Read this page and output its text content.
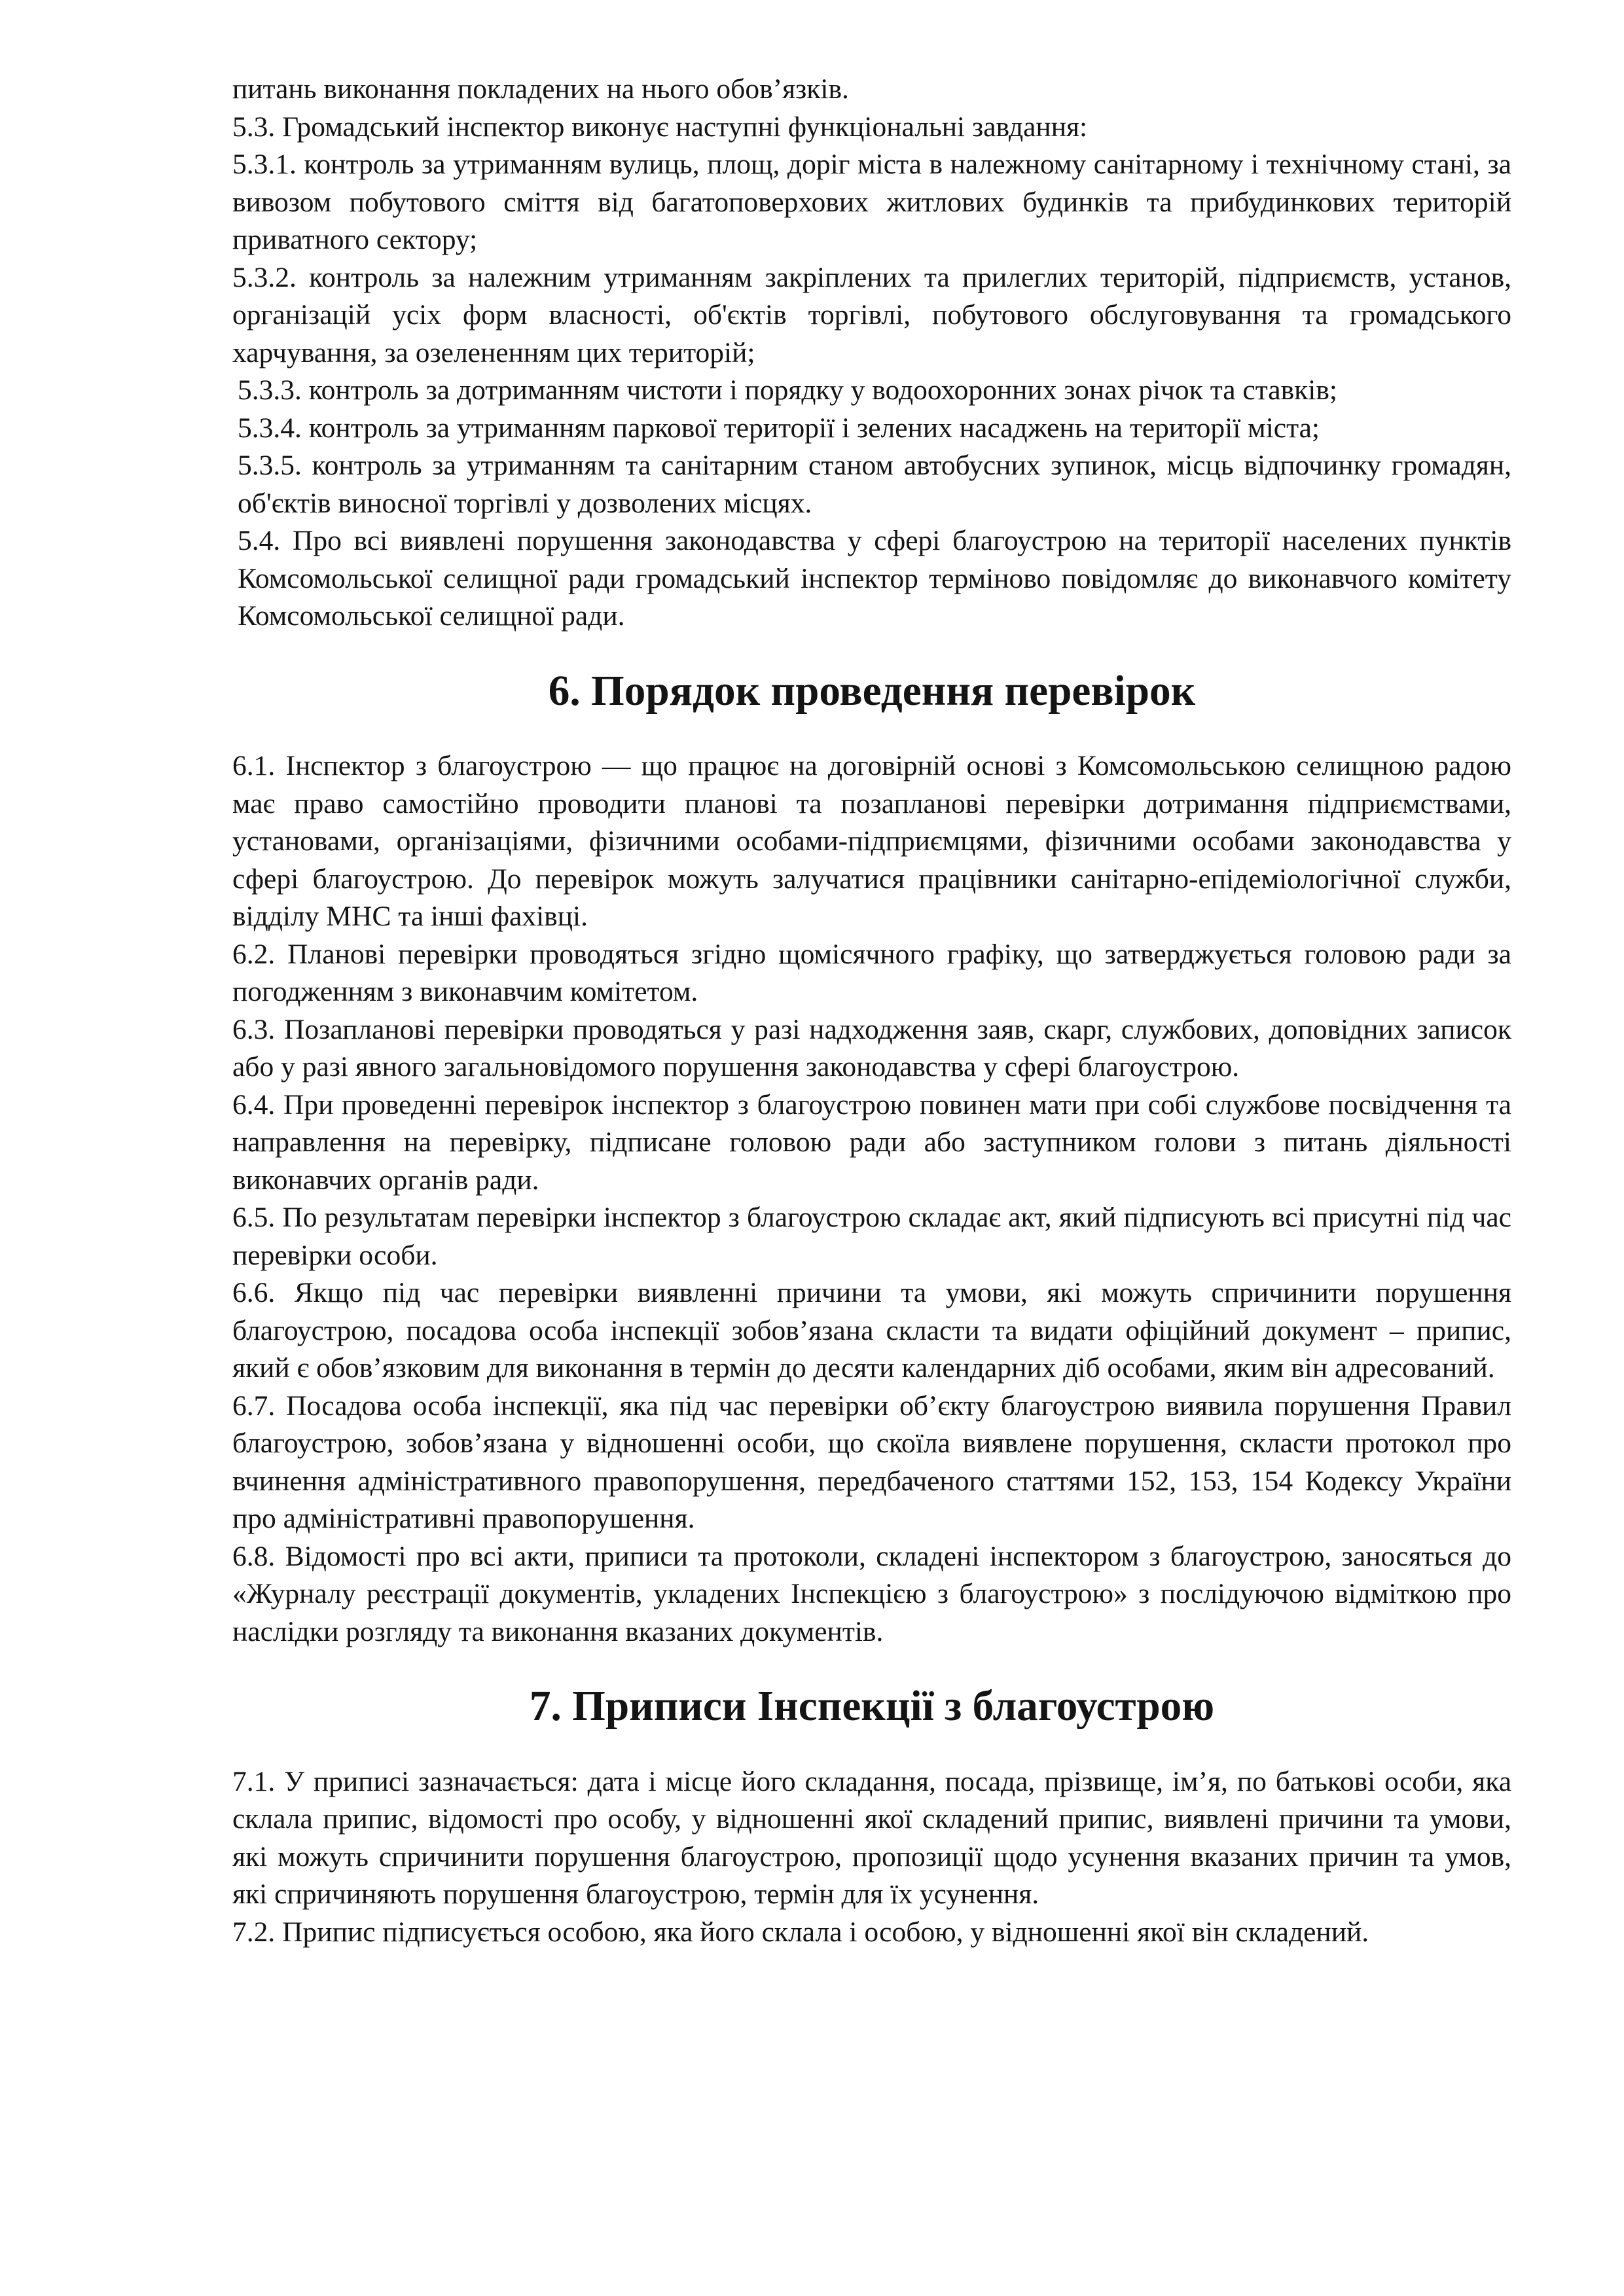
питань виконання покладених на нього обов’язків.

5.3. Громадський інспектор виконує наступні функціональні завдання:

5.3.1. контроль за утриманням вулиць, площ, доріг міста в належному санітарному і технічному стані, за вивозом побутового сміття від багатоповерхових житлових будинків та прибудинкових територій приватного сектору;

5.3.2. контроль за належним утриманням закріплених та прилеглих територій, підприємств, установ, організацій усіх форм власності, об'єктів торгівлі, побутового обслуговування та громадського харчування, за озелененням цих територій;

5.3.3. контроль за дотриманням чистоти і порядку у водоохоронних зонах річок та ставків;

5.3.4. контроль за утриманням паркової території і зелених насаджень на території міста;

5.3.5. контроль за утриманням та санітарним станом автобусних зупинок, місць відпочинку громадян, об'єктів виносної торгівлі у дозволених місцях.

5.4. Про всі виявлені порушення законодавства у сфері благоустрою на території населених пунктів Комсомольської селищної ради громадський інспектор терміново повідомляє до виконавчого комітету Комсомольської селищної ради.

6. Порядок проведення перевірок

6.1. Інспектор з благоустрою — що працює на договірній основі з Комсомольською селищною радою має право самостійно проводити планові та позапланові перевірки дотримання підприємствами, установами, організаціями, фізичними особами-підприємцями, фізичними особами законодавства у сфері благоустрою. До перевірок можуть залучатися працівники санітарно-епідеміологічної служби, відділу МНС та інші фахівці.

6.2. Планові перевірки проводяться згідно щомісячного графіку, що затверджується головою ради за погодженням з виконавчим комітетом.

6.3. Позапланові перевірки проводяться у разі надходження заяв, скарг, службових, доповідних записок або у разі явного загальновідомого порушення законодавства у сфері благоустрою.

6.4. При проведенні перевірок інспектор з благоустрою повинен мати при собі службове посвідчення та направлення на перевірку, підписане головою ради або заступником голови з питань діяльності виконавчих органів ради.

6.5. По результатам перевірки інспектор з благоустрою складає акт, який підписують всі присутні під час перевірки особи.

6.6. Якщо під час перевірки виявленні причини та умови, які можуть спричинити порушення благоустрою, посадова особа інспекції зобов’язана скласти та видати офіційний документ – припис, який є обов’язковим для виконання в термін до десяти календарних діб особами, яким він адресований.

6.7. Посадова особа інспекції, яка під час перевірки об’єкту благоустрою виявила порушення Правил благоустрою, зобов’язана у відношенні особи, що скоїла виявлене порушення, скласти протокол про вчинення адміністративного правопорушення, передбаченого статтями 152, 153, 154 Кодексу України про адміністративні правопорушення.

6.8. Відомості про всі акти, приписи та протоколи, складені інспектором з благоустрою, заносяться до «Журналу реєстрації документів, укладених Інспекцією з благоустрою» з послідуючою відміткою про наслідки розгляду та виконання вказаних документів.

7. Приписи Інспекції з благоустрою

7.1. У приписі зазначається: дата і місце його складання, посада, прізвище, ім’я, по батькові особи, яка склала припис, відомості про особу, у відношенні якої складений припис, виявлені причини та умови, які можуть спричинити порушення благоустрою, пропозиції щодо усунення вказаних причин та умов, які спричиняють порушення благоустрою, термін для їх усунення.

7.2. Припис підписується особою, яка його склала і особою, у відношенні якої він складений.
